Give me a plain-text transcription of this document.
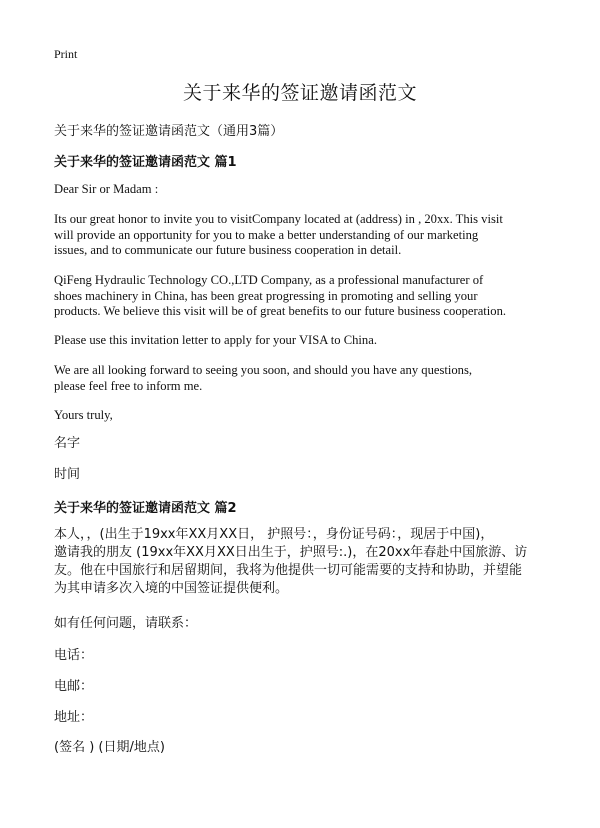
Print
关于来华的签证邀请函范文
关于来华的签证邀请函范文（通用3篇）
关于来华的签证邀请函范文 篇1
Dear Sir or Madam :
Its our great honor to invite you to visitCompany located at (address) in , 20xx. This visit
will provide an opportunity for you to make a better understanding of our marketing
issues, and to communicate our future business cooperation in detail.
QiFeng Hydraulic Technology CO.,LTD Company, as a professional manufacturer of
shoes machinery in China, has been great progressing in promoting and selling your
products. We believe this visit will be of great benefits to our future business cooperation.
Please use this invitation letter to apply for your VISA to China.
We are all looking forward to seeing you soon, and should you have any questions,
please feel free to inform me.
Yours truly,
名字
时间
关于来华的签证邀请函范文 篇2
本人，，(出生于19xx年XX月XX日， 护照号：，身份证号码：，现居于中国)，
邀请我的朋友 (19xx年XX月XX日出生于，护照号:.)，在20xx年春赴中国旅游、访
友。他在中国旅行和居留期间，我将为他提供一切可能需要的支持和协助，并望能
为其申请多次入境的中国签证提供便利。
如有任何问题，请联系：
电话：
电邮：
地址：
(签名 ) (日期/地点)
